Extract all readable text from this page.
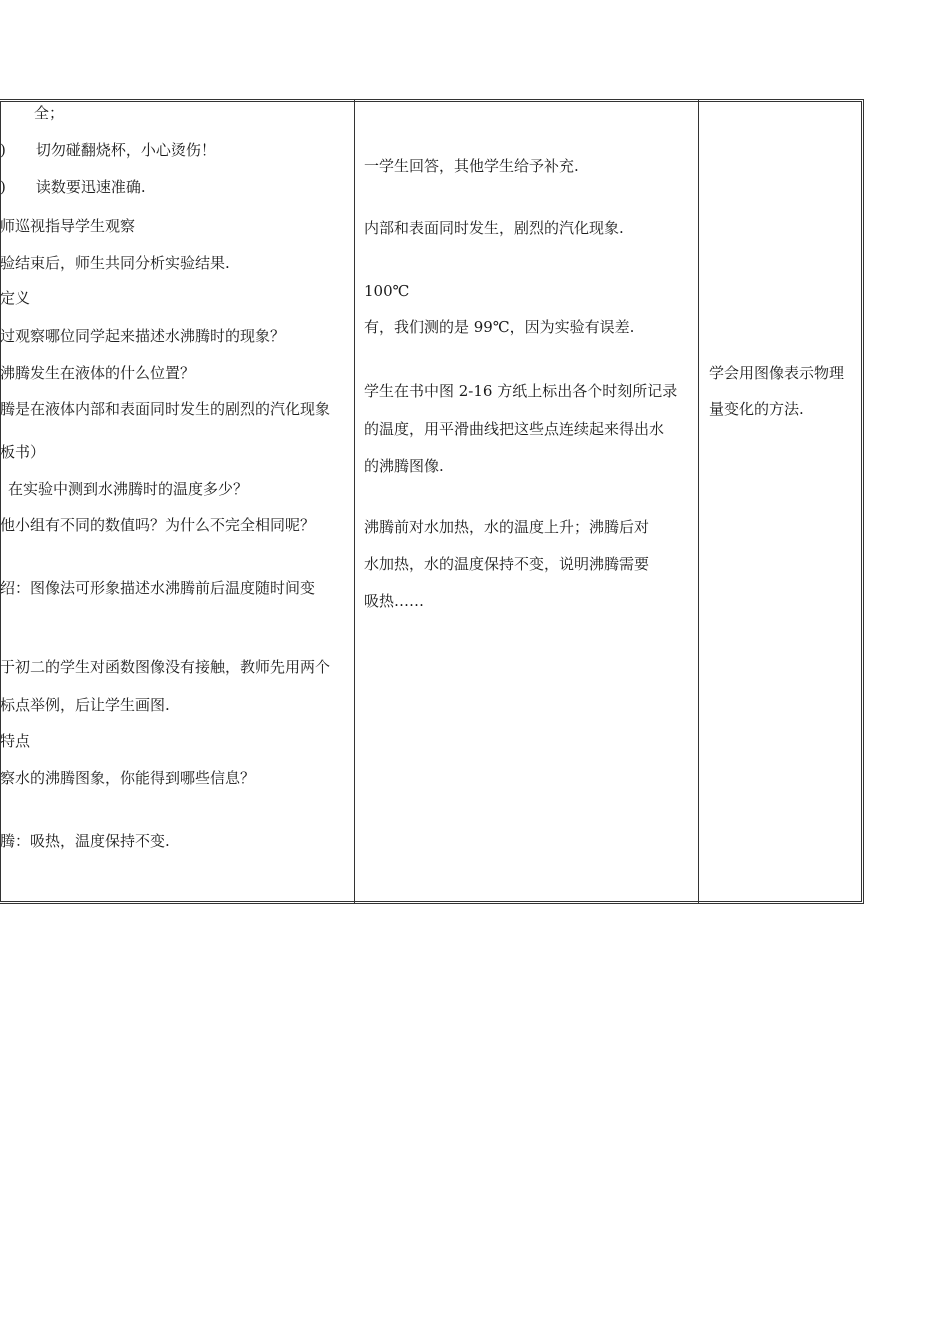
全；
)　　切勿碰翻烧杯，小心烫伤！
)　　读数要迅速准确.
师巡视指导学生观察
验结束后，师生共同分析实验结果.
定义
过观察哪位同学起来描述水沸腾时的现象？
沸腾发生在液体的什么位置？
腾是在液体内部和表面同时发生的剧烈的汽化现象
板书）
在实验中测到水沸腾时的温度多少？
他小组有不同的数值吗？为什么不完全相同呢？
绍：图像法可形象描述水沸腾前后温度随时间变
于初二的学生对函数图像没有接触，教师先用两个
标点举例，后让学生画图.
特点
察水的沸腾图象，你能得到哪些信息？
腾：吸热，温度保持不变.
一学生回答，其他学生给予补充.
内部和表面同时发生，剧烈的汽化现象.
100℃
有，我们测的是 99℃，因为实验有误差.
学生在书中图 2-16 方纸上标出各个时刻所记录
的温度，用平滑曲线把这些点连续起来得出水
的沸腾图像.
沸腾前对水加热，水的温度上升；沸腾后对
水加热，水的温度保持不变，说明沸腾需要
吸热……
学会用图像表示物理
量变化的方法.
